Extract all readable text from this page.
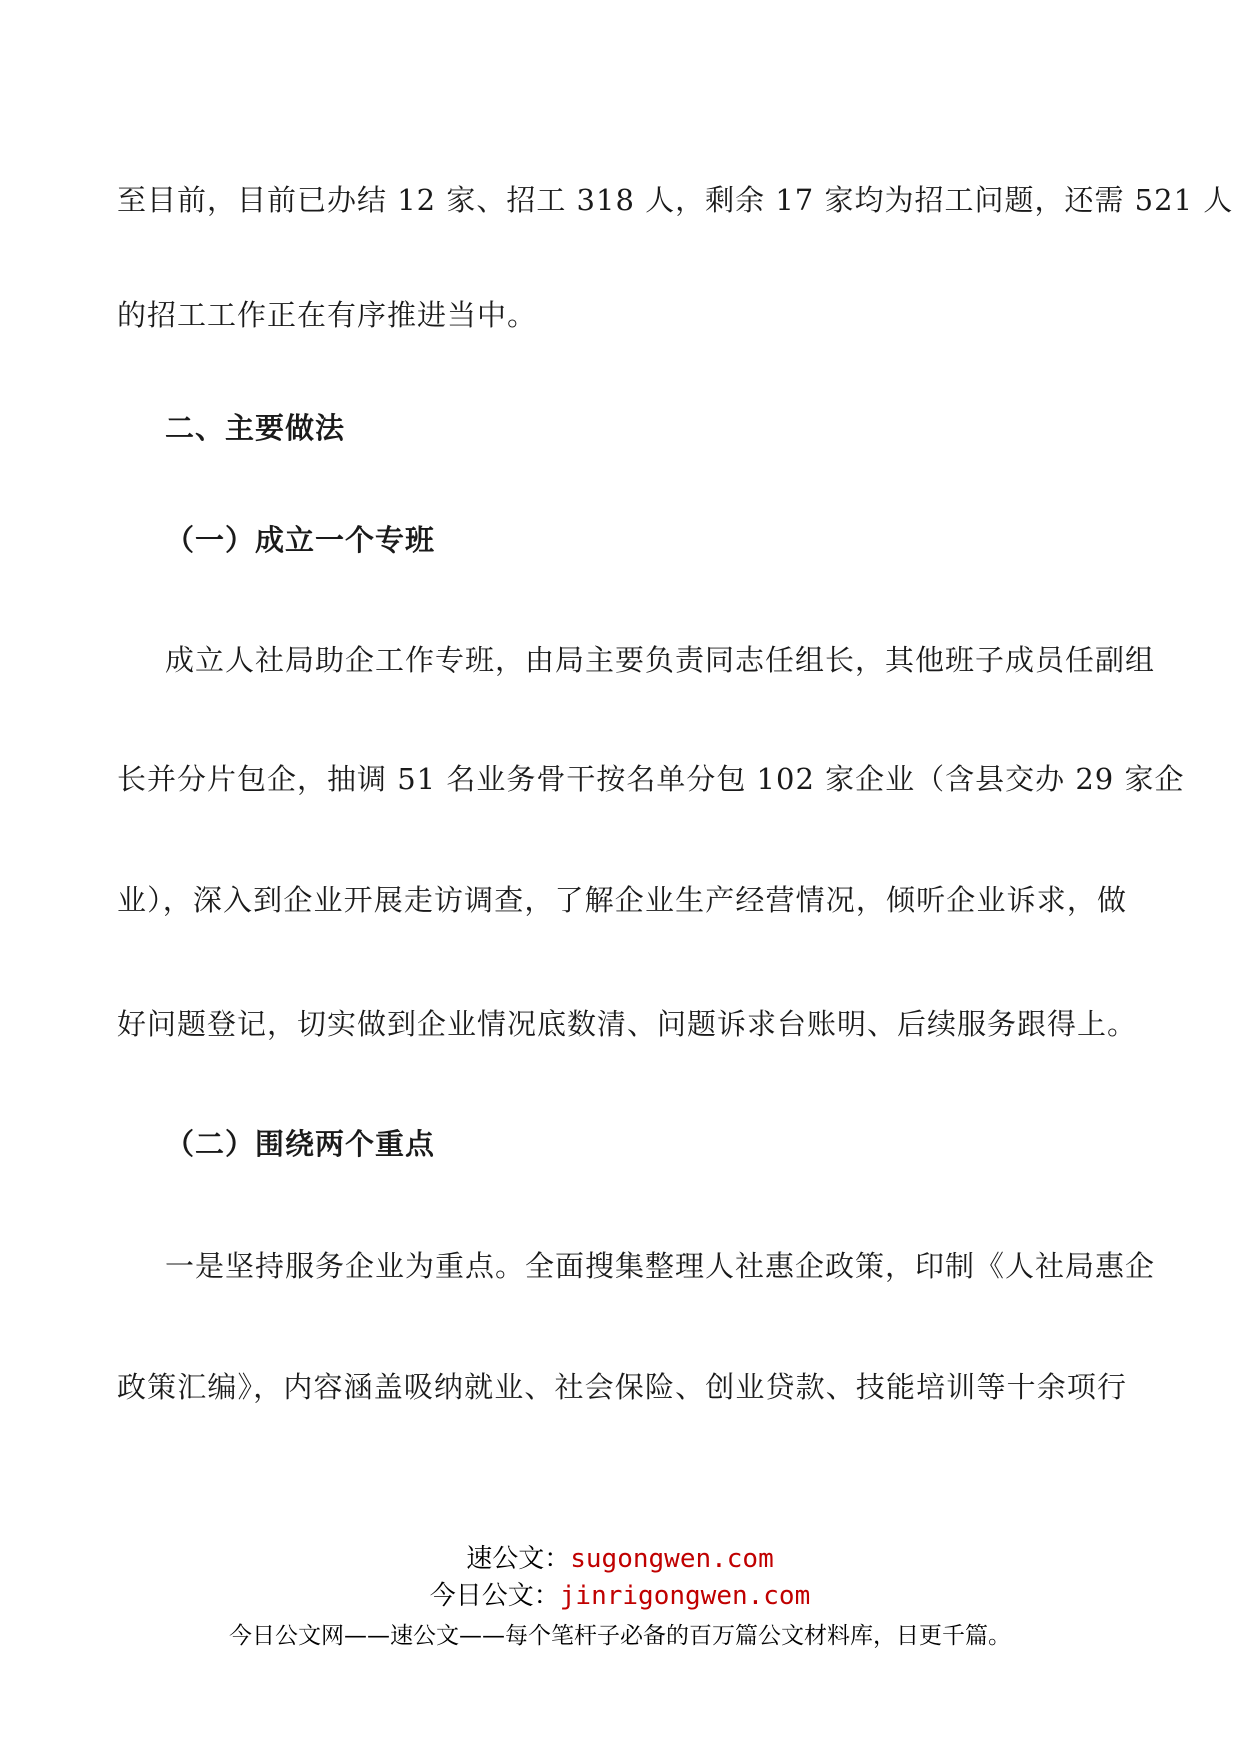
至目前，目前已办结 12 家、招工 318 人，剩余 17 家均为招工问题，还需 521 人
的招工工作正在有序推进当中。
二、主要做法
（一）成立一个专班
成立人社局助企工作专班，由局主要负责同志任组长，其他班子成员任副组
长并分片包企，抽调 51 名业务骨干按名单分包 102 家企业（含县交办 29 家企
业），深入到企业开展走访调查，了解企业生产经营情况，倾听企业诉求，做
好问题登记，切实做到企业情况底数清、问题诉求台账明、后续服务跟得上。
（二）围绕两个重点
一是坚持服务企业为重点。全面搜集整理人社惠企政策，印制《人社局惠企
政策汇编》，内容涵盖吸纳就业、社会保险、创业贷款、技能培训等十余项行
速公文：sugongwen.com
今日公文：jinrigongwen.com
今日公文网——速公文——每个笔杆子必备的百万篇公文材料库，日更千篇。
